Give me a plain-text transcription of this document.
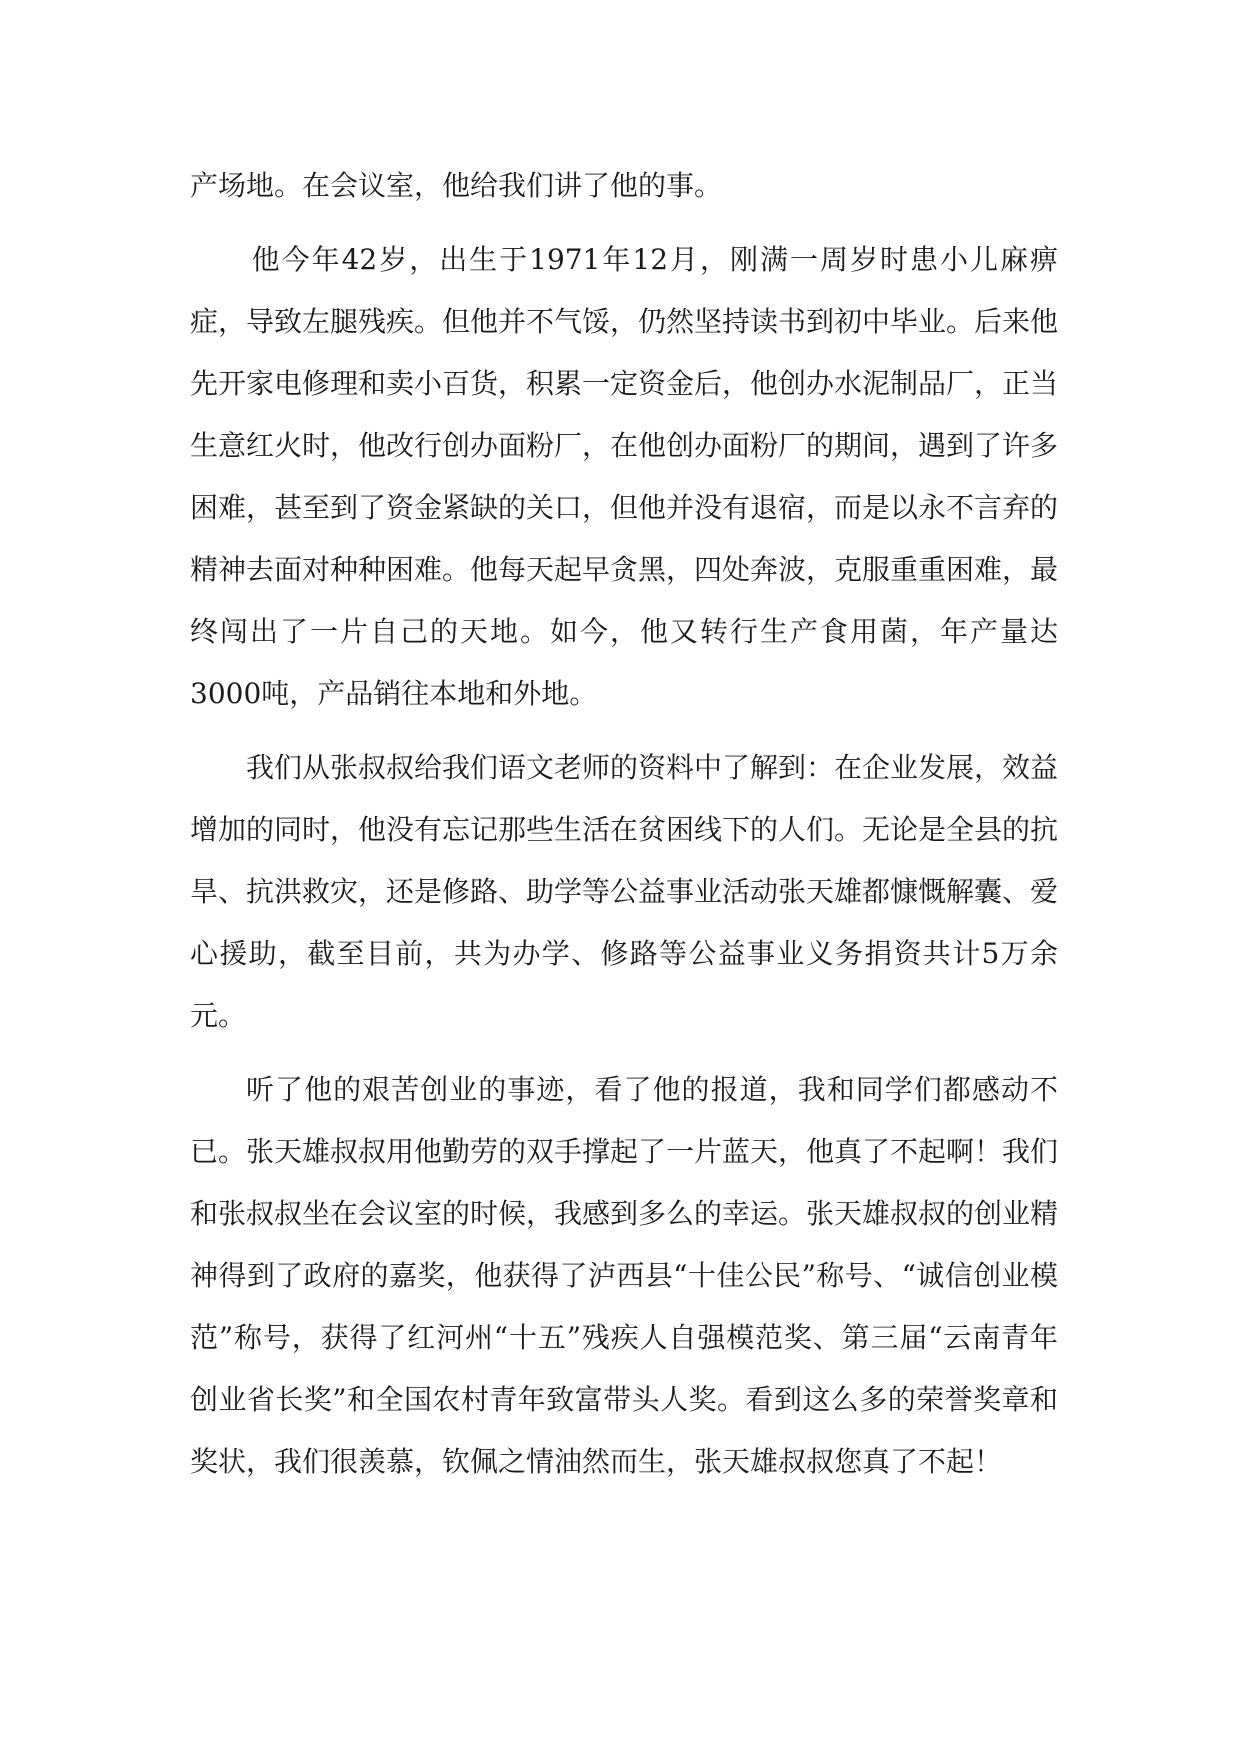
产场地。在会议室，他给我们讲了他的事。

他今年42岁，出生于1971年12月，刚满一周岁时患小儿麻痹症，导致左腿残疾。但他并不气馁，仍然坚持读书到初中毕业。后来他先开家电修理和卖小百货，积累一定资金后，他创办水泥制品厂，正当生意红火时，他改行创办面粉厂，在他创办面粉厂的期间，遇到了许多困难，甚至到了资金紧缺的关口，但他并没有退宿，而是以永不言弃的精神去面对种种困难。他每天起早贪黑，四处奔波，克服重重困难，最终闯出了一片自己的天地。如今，他又转行生产食用菌，年产量达3000吨，产品销往本地和外地。

我们从张叔叔给我们语文老师的资料中了解到：在企业发展，效益增加的同时，他没有忘记那些生活在贫困线下的人们。无论是全县的抗旱、抗洪救灾，还是修路、助学等公益事业活动张天雄都慷慨解囊、爱心援助，截至目前，共为办学、修路等公益事业义务捐资共计5万余元。

听了他的艰苦创业的事迹，看了他的报道，我和同学们都感动不已。张天雄叔叔用他勤劳的双手撑起了一片蓝天，他真了不起啊！我们和张叔叔坐在会议室的时候，我感到多么的幸运。张天雄叔叔的创业精神得到了政府的嘉奖，他获得了泸西县“十佳公民”称号、“诚信创业模范”称号，获得了红河州“十五”残疾人自强模范奖、第三届“云南青年创业省长奖”和全国农村青年致富带头人奖。看到这么多的荣誉奖章和奖状，我们很羡慕，钦佩之情油然而生，张天雄叔叔您真了不起！
